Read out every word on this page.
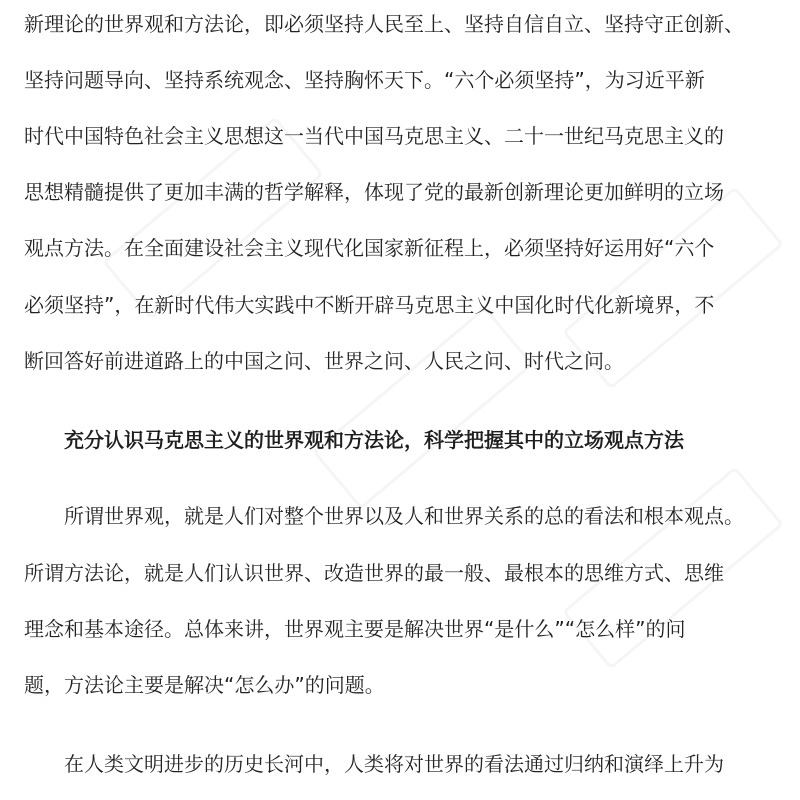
新理论的世界观和方法论，即必须坚持人民至上、坚持自信自立、坚持守正创新、
坚持问题导向、坚持系统观念、坚持胸怀天下。“六个必须坚持”，为习近平新
时代中国特色社会主义思想这一当代中国马克思主义、二十一世纪马克思主义的
思想精髓提供了更加丰满的哲学解释，体现了党的最新创新理论更加鲜明的立场
观点方法。在全面建设社会主义现代化国家新征程上，必须坚持好运用好“六个
必须坚持”，在新时代伟大实践中不断开辟马克思主义中国化时代化新境界，不
断回答好前进道路上的中国之问、世界之问、人民之问、时代之问。
充分认识马克思主义的世界观和方法论，科学把握其中的立场观点方法
所谓世界观，就是人们对整个世界以及人和世界关系的总的看法和根本观点。
所谓方法论，就是人们认识世界、改造世界的最一般、最根本的思维方式、思维
理念和基本途径。总体来讲，世界观主要是解决世界“是什么”“怎么样”的问
题，方法论主要是解决“怎么办”的问题。
在人类文明进步的历史长河中，人类将对世界的看法通过归纳和演绎上升为
